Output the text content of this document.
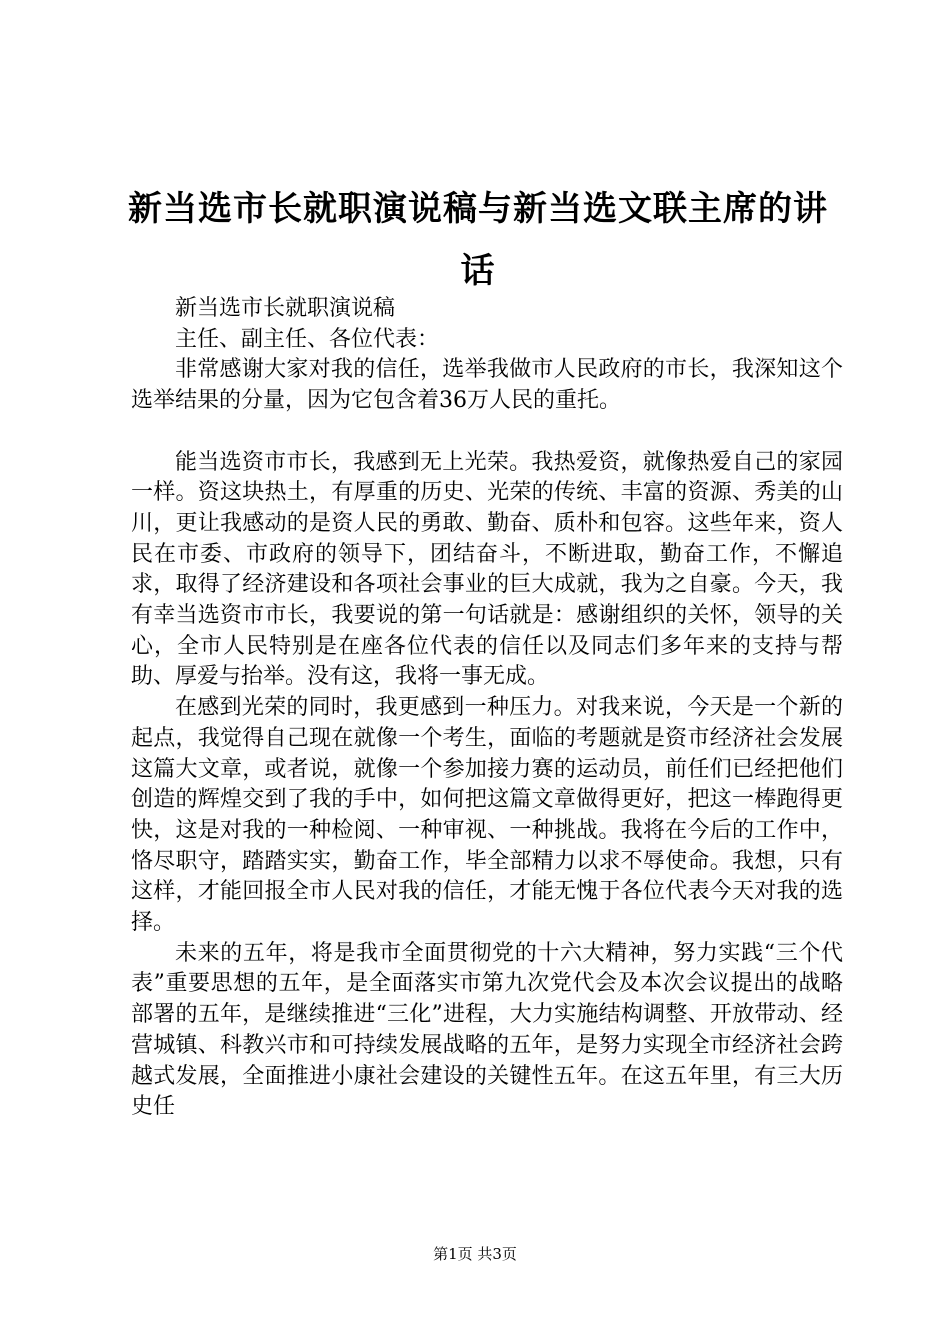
新当选市长就职演说稿与新当选文联主席的讲话

新当选市长就职演说稿

主任、副主任、各位代表：

非常感谢大家对我的信任，选举我做市人民政府的市长，我深知这个选举结果的分量，因为它包含着36万人民的重托。

能当选资市市长，我感到无上光荣。我热爱资，就像热爱自己的家园一样。资这块热土，有厚重的历史、光荣的传统、丰富的资源、秀美的山川，更让我感动的是资人民的勇敢、勤奋、质朴和包容。这些年来，资人民在市委、市政府的领导下，团结奋斗，不断进取，勤奋工作，不懈追求，取得了经济建设和各项社会事业的巨大成就，我为之自豪。今天，我有幸当选资市市长，我要说的第一句话就是：感谢组织的关怀，领导的关心，全市人民特别是在座各位代表的信任以及同志们多年来的支持与帮助、厚爱与抬举。没有这，我将一事无成。

在感到光荣的同时，我更感到一种压力。对我来说，今天是一个新的起点，我觉得自己现在就像一个考生，面临的考题就是资市经济社会发展这篇大文章，或者说，就像一个参加接力赛的运动员，前任们已经把他们创造的辉煌交到了我的手中，如何把这篇文章做得更好，把这一棒跑得更快，这是对我的一种检阅、一种审视、一种挑战。我将在今后的工作中，恪尽职守，踏踏实实，勤奋工作，毕全部精力以求不辱使命。我想，只有这样，才能回报全市人民对我的信任，才能无愧于各位代表今天对我的选择。

未来的五年，将是我市全面贯彻党的十六大精神，努力实践“三个代表”重要思想的五年，是全面落实市第九次党代会及本次会议提出的战略部署的五年，是继续推进“三化”进程，大力实施结构调整、开放带动、经营城镇、科教兴市和可持续发展战略的五年，是努力实现全市经济社会跨越式发展，全面推进小康社会建设的关键性五年。在这五年里，有三大历史任

第1页 共3页
